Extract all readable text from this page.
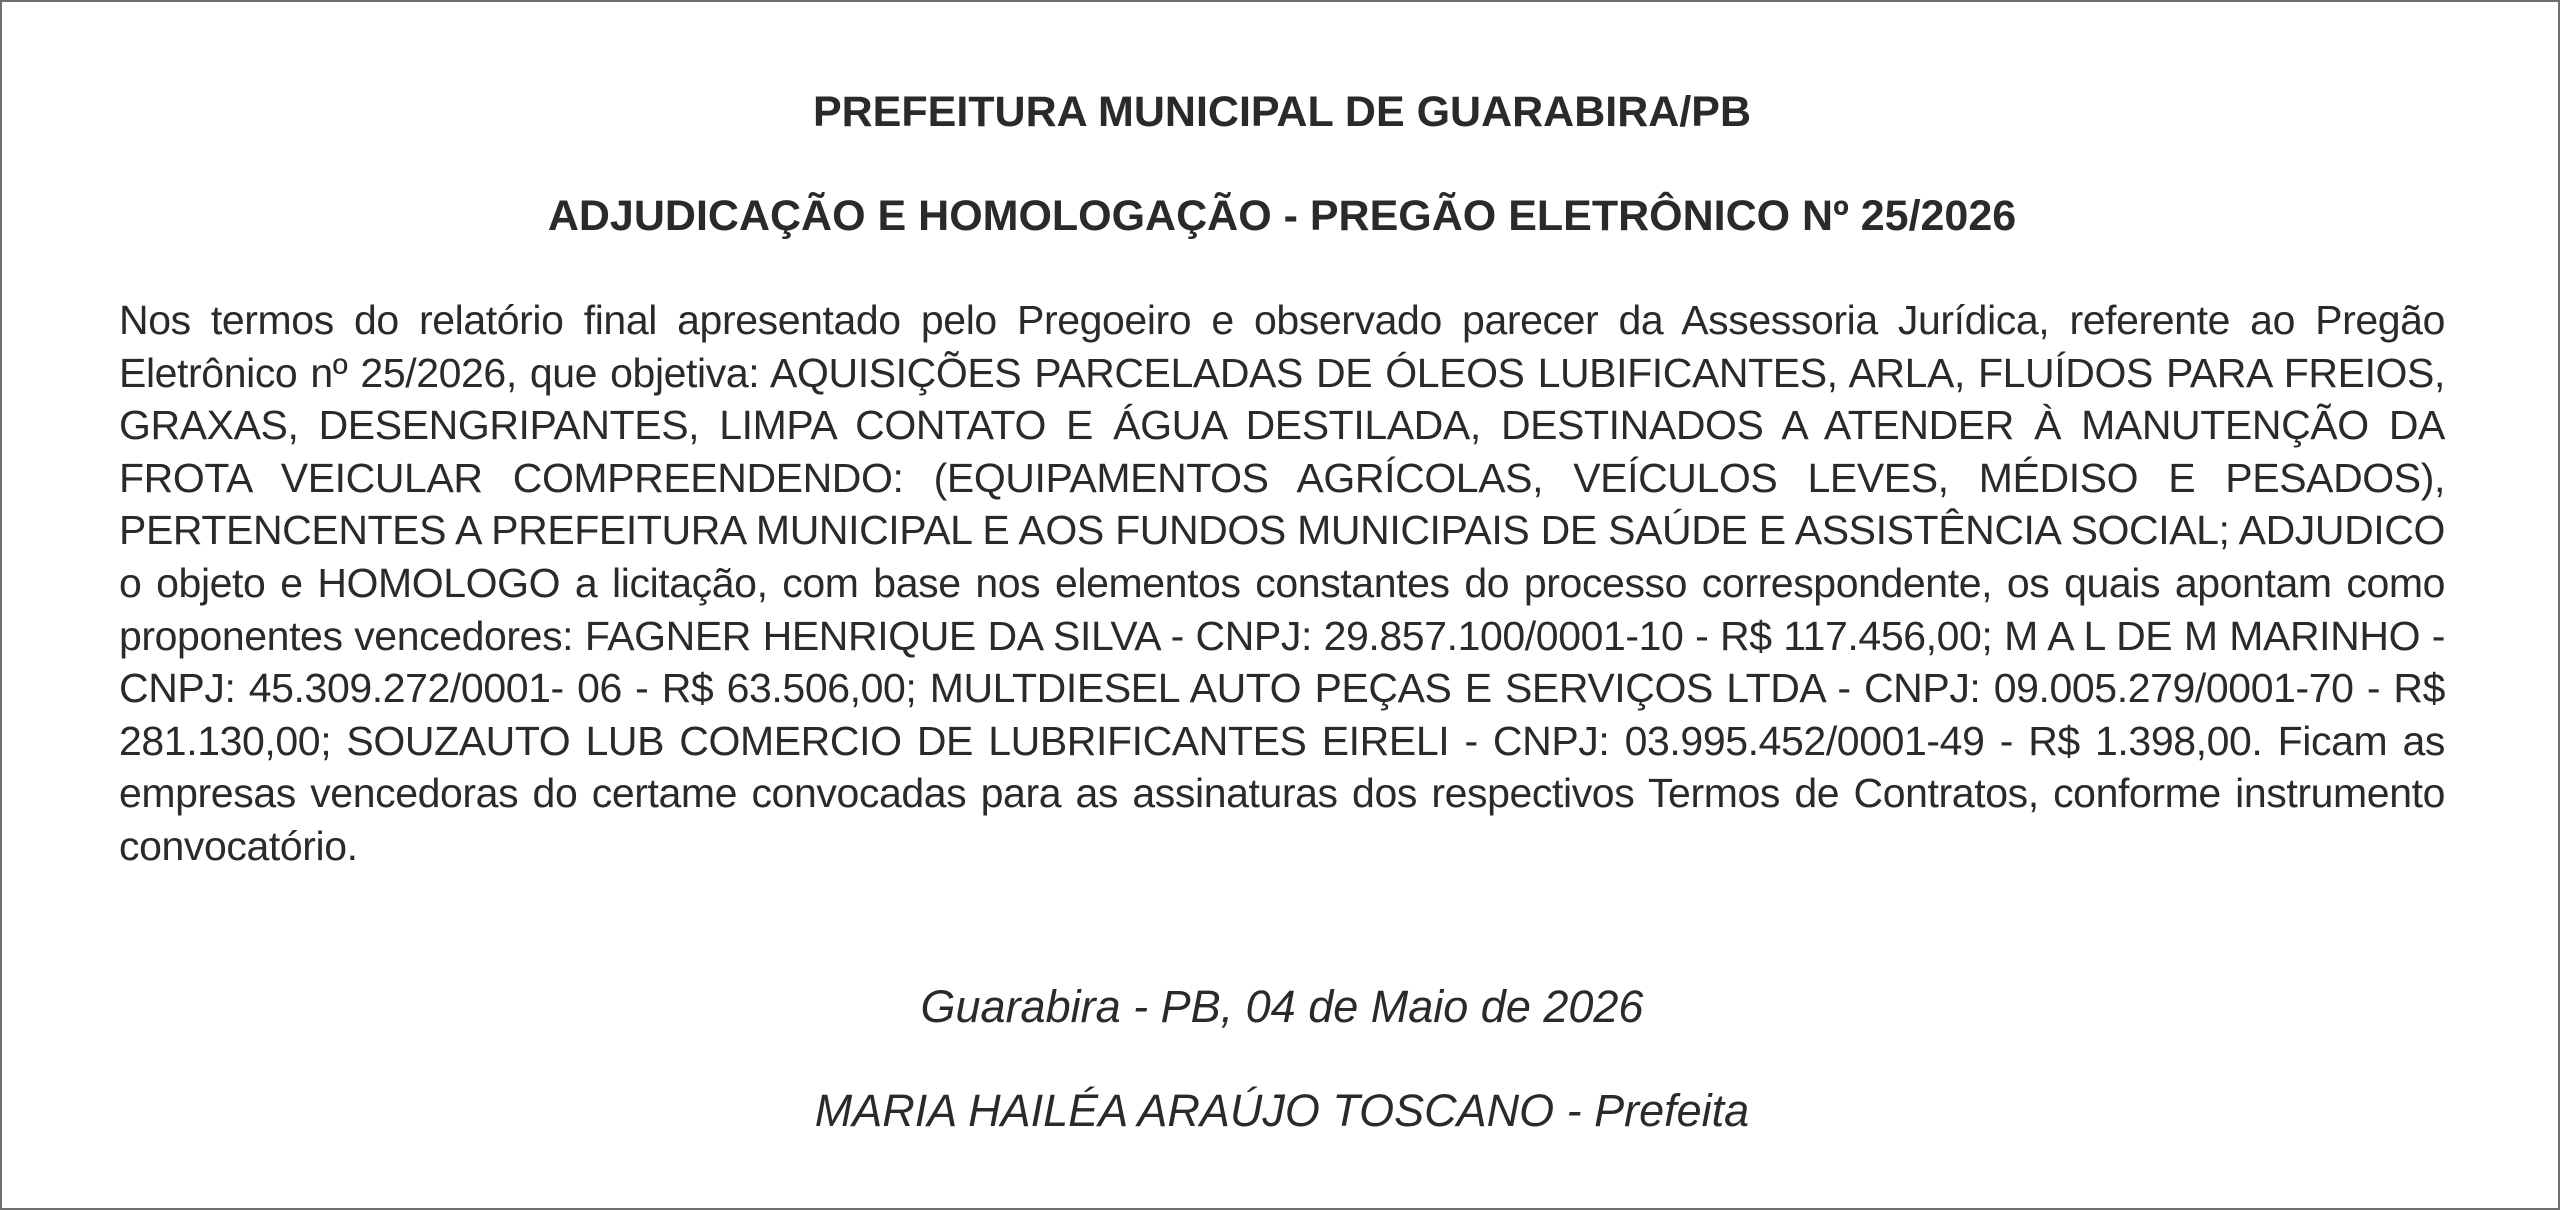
PREFEITURA MUNICIPAL DE GUARABIRA/PB
ADJUDICAÇÃO E HOMOLOGAÇÃO - PREGÃO ELETRÔNICO Nº 25/2026

Nos termos do relatório final apresentado pelo Pregoeiro e observado parecer da Assessoria Jurídica, referente ao Pregão Eletrônico nº 25/2026, que objetiva: AQUISIÇÕES PARCELADAS DE ÓLEOS LUBIFICANTES, ARLA, FLUÍDOS PARA FREIOS, GRAXAS, DESENGRIPANTES, LIMPA CONTATO E ÁGUA DESTILADA, DESTINADOS A ATENDER À MANUTENÇÃO DA FROTA VEICULAR COMPREENDENDO: (EQUIPAMENTOS AGRÍCOLAS, VEÍCULOS LEVES, MÉDISO E PESADOS), PERTENCENTES A PREFEITURA MUNICIPAL E AOS FUNDOS MUNICIPAIS DE SAÚDE E ASSISTÊNCIA SOCIAL; ADJUDICO o objeto e HOMOLOGO a licitação, com base nos elementos constantes do processo correspondente, os quais apontam como proponentes vencedores: FAGNER HENRIQUE DA SILVA - CNPJ: 29.857.100/0001-10 - R$ 117.456,00; M A L DE M MARINHO - CNPJ: 45.309.272/0001- 06 - R$ 63.506,00; MULTDIESEL AUTO PEÇAS E SERVIÇOS LTDA - CNPJ: 09.005.279/0001-70 - R$ 281.130,00; SOUZAUTO LUB COMERCIO DE LUBRIFICANTES EIRELI - CNPJ: 03.995.452/0001-49 - R$ 1.398,00. Ficam as empresas vencedoras do certame convocadas para as assinaturas dos respectivos Termos de Contratos, conforme instrumento convocatório.

Guarabira - PB, 04 de Maio de 2026

MARIA HAILÉA ARAÚJO TOSCANO - Prefeita
